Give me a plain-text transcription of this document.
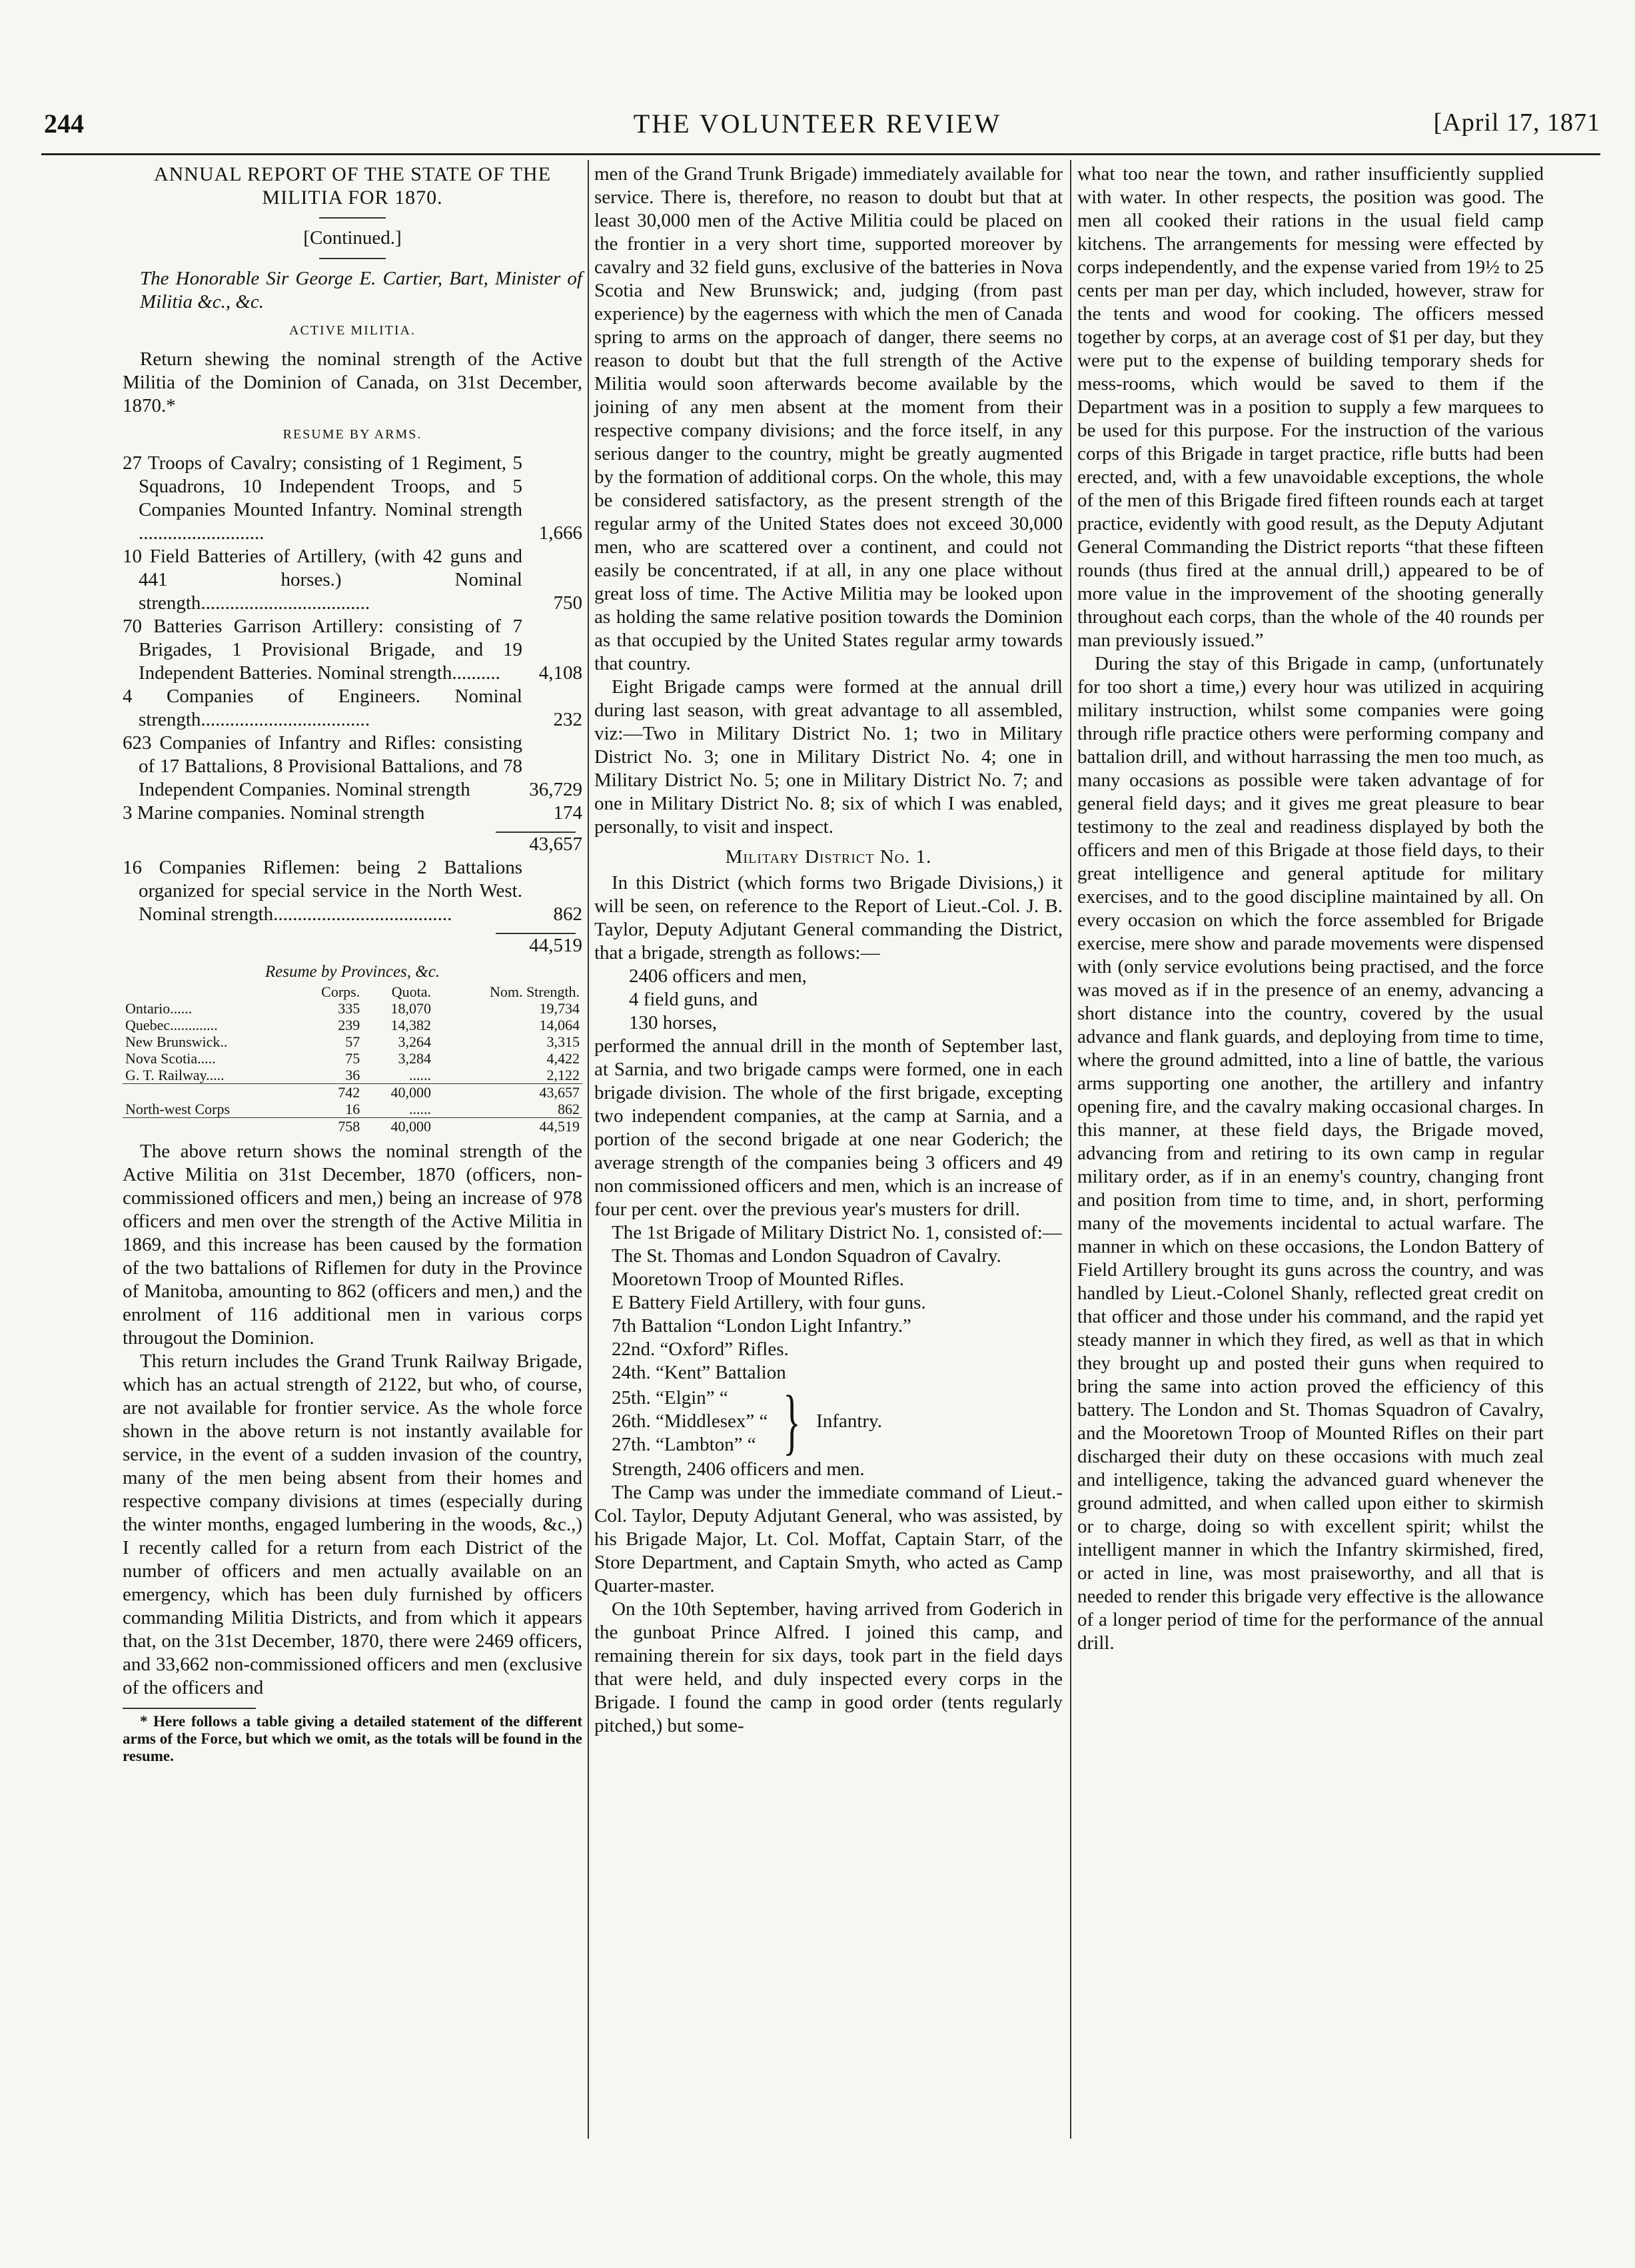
THE VOLUNTEER REVIEW
244	[April 17, 1871

ANNUAL REPORT OF THE STATE OF THE MILITIA FOR 1870.

[Continued.]

The Honorable Sir George E. Cartier, Bart, Minister of Militia &c., &c.

ACTIVE MILITIA.

Return shewing the nominal strength of the Active Militia of the Dominion of Canada, on 31st December, 1870.*

RESUME BY ARMS.

27 Troops of Cavalry; consisting of 1 Regiment, 5 Squadrons, 10 Independent Troops, and 5 Companies Mounted Infantry. Nominal strength ..........................	1,666
10 Field Batteries of Artillery, (with 42 guns and 441 horses.) Nominal strength...................................	750
70 Batteries Garrison Artillery: consisting of 7 Brigades, 1 Provisional Brigade, and 19 Independent Batteries. Nominal strength..........	4,108
4 Companies of Engineers. Nominal strength...................................	232
623 Companies of Infantry and Rifles: consisting of 17 Battalions, 8 Provisional Battalions, and 78 Independent Companies. Nominal strength	36,729
3 Marine companies. Nominal strength	174

43,657

16 Companies Riflemen: being 2 Battalions organized for special service in the North West. Nominal strength.....................................	862

44,519

Resume by Provinces, &c.

	Corps.	Quota.	Nom. Strength.
Ontario......	335	18,070	19,734
Quebec.............	239	14,382	14,064
New Brunswick..	57	3,264	3,315
Nova Scotia.....	75	3,284	4,422
G. T. Railway.....	36	......	2,122
	742	40,000	43,657
North-west Corps	16	......	862
	758	40,000	44,519

The above return shows the nominal strength of the Active Militia on 31st December, 1870 (officers, non-commissioned officers and men,) being an increase of 978 officers and men over the strength of the Active Militia in 1869, and this increase has been caused by the formation of the two battalions of Riflemen for duty in the Province of Manitoba, amounting to 862 (officers and men,) and the enrolment of 116 additional men in various corps througout the Dominion.

This return includes the Grand Trunk Railway Brigade, which has an actual strength of 2122, but who, of course, are not available for frontier service. As the whole force shown in the above return is not instantly available for service, in the event of a sudden invasion of the country, many of the men being absent from their homes and respective company divisions at times (especially during the winter months, engaged lumbering in the woods, &c.,) I recently called for a return from each District of the number of officers and men actually available on an emergency, which has been duly furnished by officers commanding Militia Districts, and from which it appears that, on the 31st December, 1870, there were 2469 officers, and 33,662 non-commissioned officers and men (exclusive of the officers and

* Here follows a table giving a detailed statement of the different arms of the Force, but which we omit, as the totals will be found in the resume.

men of the Grand Trunk Brigade) immediately available for service. There is, therefore, no reason to doubt but that at least 30,000 men of the Active Militia could be placed on the frontier in a very short time, supported moreover by cavalry and 32 field guns, exclusive of the batteries in Nova Scotia and New Brunswick; and, judging (from past experience) by the eagerness with which the men of Canada spring to arms on the approach of danger, there seems no reason to doubt but that the full strength of the Active Militia would soon afterwards become available by the joining of any men absent at the moment from their respective company divisions; and the force itself, in any serious danger to the country, might be greatly augmented by the formation of additional corps. On the whole, this may be considered satisfactory, as the present strength of the regular army of the United States does not exceed 30,000 men, who are scattered over a continent, and could not easily be concentrated, if at all, in any one place without great loss of time. The Active Militia may be looked upon as holding the same relative position towards the Dominion as that occupied by the United States regular army towards that country.

Eight Brigade camps were formed at the annual drill during last season, with great advantage to all assembled, viz:—Two in Military District No. 1; two in Military District No. 3; one in Military District No. 4; one in Military District No. 5; one in Military District No. 7; and one in Military District No. 8; six of which I was enabled, personally, to visit and inspect.

Military District No. 1.

In this District (which forms two Brigade Divisions,) it will be seen, on reference to the Report of Lieut.-Col. J. B. Taylor, Deputy Adjutant General commanding the District, that a brigade, strength as follows:—

2406 officers and men,

4 field guns, and

130 horses,

performed the annual drill in the month of September last, at Sarnia, and two brigade camps were formed, one in each brigade division. The whole of the first brigade, excepting two independent companies, at the camp at Sarnia, and a portion of the second brigade at one near Goderich; the average strength of the companies being 3 officers and 49 non commissioned officers and men, which is an increase of four per cent. over the previous year's musters for drill.

The 1st Brigade of Military District No. 1, consisted of:—

The St. Thomas and London Squadron of Cavalry.

Mooretown Troop of Mounted Rifles.

E Battery Field Artillery, with four guns.

7th Battalion “London Light Infantry.”

22nd. “Oxford” Rifles.

24th. “Kent” Battalion

25th. “Elgin” “

26th. “Middlesex” “

27th. “Lambton” “ } Infantry.

Strength, 2406 officers and men.

The Camp was under the immediate command of Lieut.-Col. Taylor, Deputy Adjutant General, who was assisted, by his Brigade Major, Lt. Col. Moffat, Captain Starr, of the Store Department, and Captain Smyth, who acted as Camp Quarter-master.

On the 10th September, having arrived from Goderich in the gunboat Prince Alfred. I joined this camp, and remaining therein for six days, took part in the field days that were held, and duly inspected every corps in the Brigade. I found the camp in good order (tents regularly pitched,) but some-

what too near the town, and rather insufficiently supplied with water. In other respects, the position was good. The men all cooked their rations in the usual field camp kitchens. The arrangements for messing were effected by corps independently, and the expense varied from 19½ to 25 cents per man per day, which included, however, straw for the tents and wood for cooking. The officers messed together by corps, at an average cost of $1 per day, but they were put to the expense of building temporary sheds for mess-rooms, which would be saved to them if the Department was in a position to supply a few marquees to be used for this purpose. For the instruction of the various corps of this Brigade in target practice, rifle butts had been erected, and, with a few unavoidable exceptions, the whole of the men of this Brigade fired fifteen rounds each at target practice, evidently with good result, as the Deputy Adjutant General Commanding the District reports “that these fifteen rounds (thus fired at the annual drill,) appeared to be of more value in the improvement of the shooting generally throughout each corps, than the whole of the 40 rounds per man previously issued.”

During the stay of this Brigade in camp, (unfortunately for too short a time,) every hour was utilized in acquiring military instruction, whilst some companies were going through rifle practice others were performing company and battalion drill, and without harrassing the men too much, as many occasions as possible were taken advantage of for general field days; and it gives me great pleasure to bear testimony to the zeal and readiness displayed by both the officers and men of this Brigade at those field days, to their great intelligence and general aptitude for military exercises, and to the good discipline maintained by all. On every occasion on which the force assembled for Brigade exercise, mere show and parade movements were dispensed with (only service evolutions being practised, and the force was moved as if in the presence of an enemy, advancing a short distance into the country, covered by the usual advance and flank guards, and deploying from time to time, where the ground admitted, into a line of battle, the various arms supporting one another, the artillery and infantry opening fire, and the cavalry making occasional charges. In this manner, at these field days, the Brigade moved, advancing from and retiring to its own camp in regular military order, as if in an enemy's country, changing front and position from time to time, and, in short, performing many of the movements incidental to actual warfare. The manner in which on these occasions, the London Battery of Field Artillery brought its guns across the country, and was handled by Lieut.-Colonel Shanly, reflected great credit on that officer and those under his command, and the rapid yet steady manner in which they fired, as well as that in which they brought up and posted their guns when required to bring the same into action proved the efficiency of this battery. The London and St. Thomas Squadron of Cavalry, and the Mooretown Troop of Mounted Rifles on their part discharged their duty on these occasions with much zeal and intelligence, taking the advanced guard whenever the ground admitted, and when called upon either to skirmish or to charge, doing so with excellent spirit; whilst the intelligent manner in which the Infantry skirmished, fired, or acted in line, was most praiseworthy, and all that is needed to render this brigade very effective is the allowance of a longer period of time for the performance of the annual drill.
